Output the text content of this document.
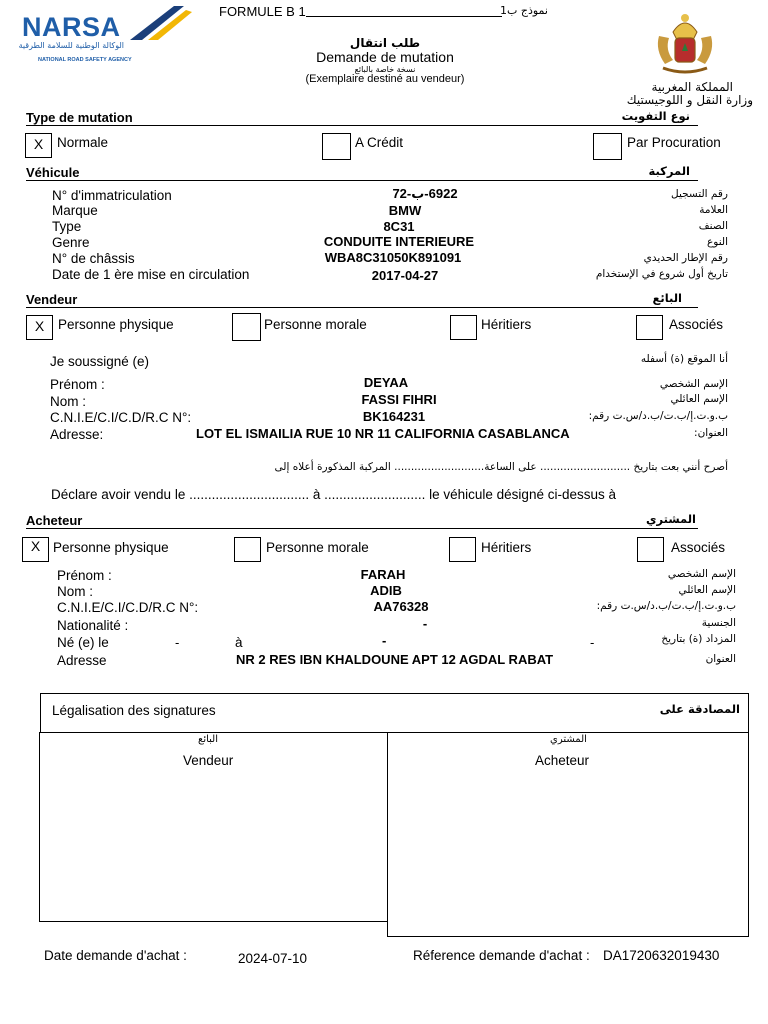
NARSA
الوكالة الوطنية للسلامة الطرقية
NATIONAL ROAD SAFETY AGENCY
FORMULE B 1	نموذج ب1
طلب انتقال
Demande de mutation
نسخة خاصة بالبائع
(Exemplaire destiné au vendeur)
المملكة المغربية
وزارة النقل و اللوجيستيك
Type de mutation	نوع التفويت
X	Normale	A Crédit	Par Procuration
Véhicule	المركبة
N° d'immatriculation	6922-ب-72	رقم التسجيل
Marque	BMW	العلامة
Type	8C31	الصنف
Genre	CONDUITE INTERIEURE	النوع
N° de châssis	WBA8C31050K891091	رقم الإطار الحديدي
Date de 1 ère mise en circulation	2017-04-27	تاريخ أول شروع في الإستخدام
Vendeur	البائع
X	Personne physique	Personne morale	Héritiers	Associés
Je soussigné (e)	أنا الموقع (ة) أسفله
Prénom :	DEYAA	الإسم الشخصي
Nom :	FASSI FIHRI	الإسم العائلي
C.N.I.E/C.I/C.D/R.C N°:	BK164231	ب.و.ت.إ/ب.ت/ب.د/س.ت رقم:
Adresse:	LOT EL ISMAILIA RUE 10 NR 11 CALIFORNIA CASABLANCA	العنوان:
أصرح أنني بعت بتاريخ ........................... على الساعة........................... المركبة المذكورة أعلاه إلى
Déclare avoir vendu le ................................ à ........................... le véhicule désigné ci-dessus à
Acheteur	المشتري
X Personne physique	Personne morale	Héritiers	Associés
Prénom :	FARAH	الإسم الشخصي
Nom :	ADIB	الإسم العائلي
C.N.I.E/C.I/C.D/R.C N°:	AA76328	ب.و.ت.إ/ب.ت/ب.د/س.ت رقم:
Nationalité :	-	الجنسية
Né (e) le	-	à	-	-	المزداد (ة) بتاريخ
Adresse	NR 2 RES IBN KHALDOUNE APT 12 AGDAL RABAT	العنوان
Légalisation des signatures	المصادقة على
البائع
Vendeur
المشتري
Acheteur
Date demande d'achat :	2024-07-10	Réference demande d'achat : DA1720632019430
